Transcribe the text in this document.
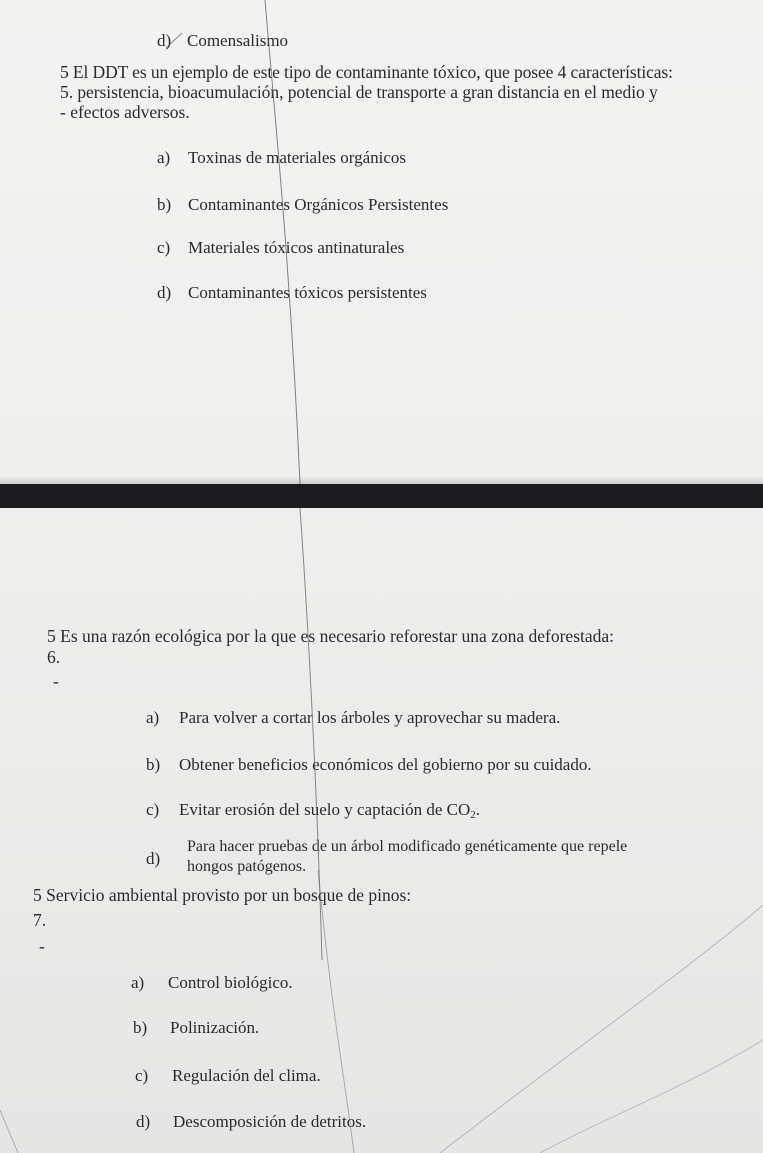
d) Comensalismo
5 El DDT es un ejemplo de este tipo de contaminante tóxico, que posee 4 características:
5. persistencia, bioacumulación, potencial de transporte a gran distancia en el medio y
- efectos adversos.
a) Toxinas de materiales orgánicos
b) Contaminantes Orgánicos Persistentes
c) Materiales tóxicos antinaturales
d) Contaminantes tóxicos persistentes
5 Es una razón ecológica por la que es necesario reforestar una zona deforestada:
6.
-
a) Para volver a cortar los árboles y aprovechar su madera.
b) Obtener beneficios económicos del gobierno por su cuidado.
c) Evitar erosión del suelo y captación de $CO_2$.
d)
Para hacer pruebas de un árbol modificado genéticamente que repele
hongos patógenos.
5 Servicio ambiental provisto por un bosque de pinos:
7.
-
a) Control biológico.
b) Polinización.
c) Regulación del clima.
d) Descomposición de detritos.
